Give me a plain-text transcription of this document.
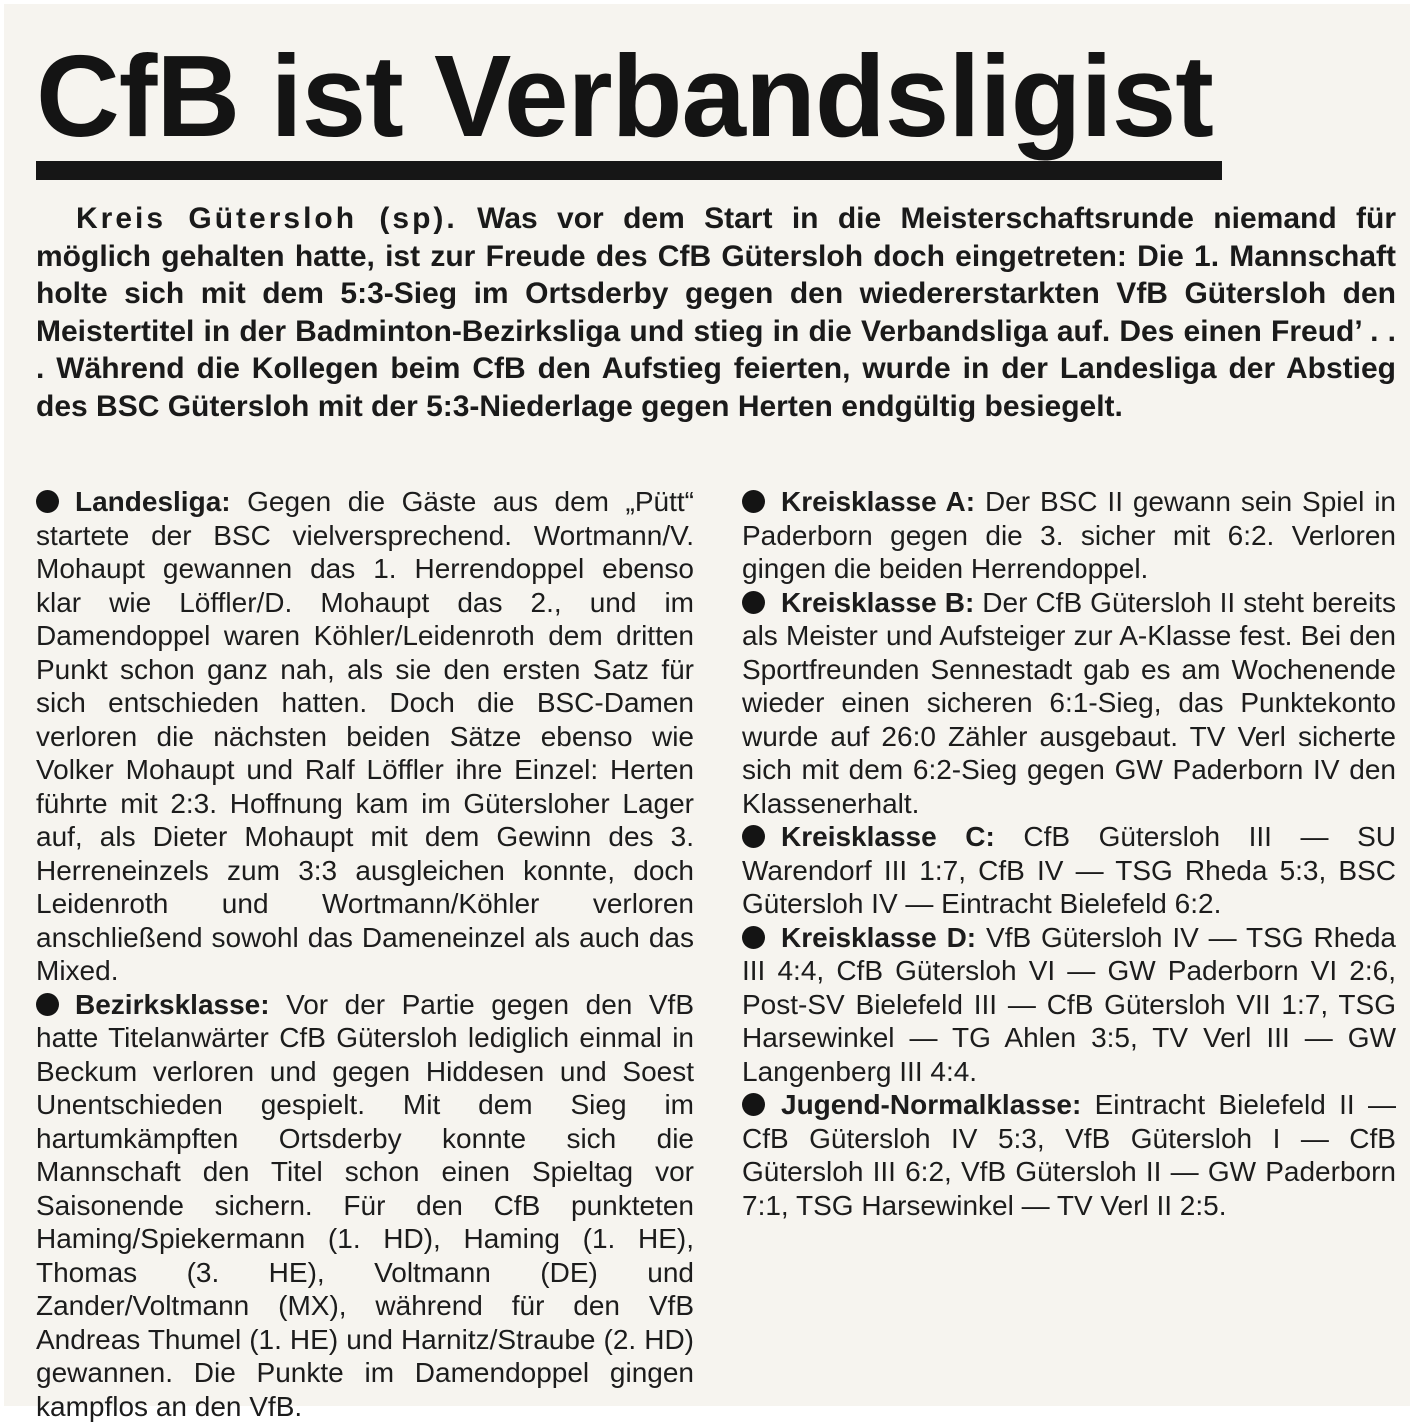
CfB ist Verbandsligist

Kreis Gütersloh (sp). Was vor dem Start in die Meisterschaftsrunde niemand für möglich gehalten hatte, ist zur Freude des CfB Gütersloh doch eingetreten: Die 1. Mannschaft holte sich mit dem 5:3-Sieg im Ortsderby gegen den wiedererstarkten VfB Gütersloh den Meistertitel in der Badminton-Bezirksliga und stieg in die Verbandsliga auf. Des einen Freud’ . . . Während die Kollegen beim CfB den Aufstieg feierten, wurde in der Landesliga der Abstieg des BSC Gütersloh mit der 5:3-Niederlage gegen Herten endgültig besiegelt.

Landesliga: Gegen die Gäste aus dem „Pütt“ startete der BSC vielversprechend. Wortmann/V. Mohaupt gewannen das 1. Herrendoppel ebenso klar wie Löffler/D. Mohaupt das 2., und im Damendoppel waren Köhler/Leidenroth dem dritten Punkt schon ganz nah, als sie den ersten Satz für sich entschieden hatten. Doch die BSC-Damen verloren die nächsten beiden Sätze ebenso wie Volker Mohaupt und Ralf Löffler ihre Einzel: Herten führte mit 2:3. Hoffnung kam im Gütersloher Lager auf, als Dieter Mohaupt mit dem Gewinn des 3. Herreneinzels zum 3:3 ausgleichen konnte, doch Leidenroth und Wortmann/Köhler verloren anschließend sowohl das Dameneinzel als auch das Mixed.

Bezirksklasse: Vor der Partie gegen den VfB hatte Titelanwärter CfB Gütersloh lediglich einmal in Beckum verloren und gegen Hiddesen und Soest Unentschieden gespielt. Mit dem Sieg im hartumkämpften Ortsderby konnte sich die Mannschaft den Titel schon einen Spieltag vor Saisonende sichern. Für den CfB punkteten Haming/Spiekermann (1. HD), Haming (1. HE), Thomas (3. HE), Voltmann (DE) und Zander/Voltmann (MX), während für den VfB Andreas Thumel (1. HE) und Harnitz/Straube (2. HD) gewannen. Die Punkte im Damendoppel gingen kampflos an den VfB.

Kreisklasse A: Der BSC II gewann sein Spiel in Paderborn gegen die 3. sicher mit 6:2. Verloren gingen die beiden Herrendoppel.

Kreisklasse B: Der CfB Gütersloh II steht bereits als Meister und Aufsteiger zur A-Klasse fest. Bei den Sportfreunden Sennestadt gab es am Wochenende wieder einen sicheren 6:1-Sieg, das Punktekonto wurde auf 26:0 Zähler ausgebaut. TV Verl sicherte sich mit dem 6:2-Sieg gegen GW Paderborn IV den Klassenerhalt.

Kreisklasse C: CfB Gütersloh III — SU Warendorf III 1:7, CfB IV — TSG Rheda 5:3, BSC Gütersloh IV — Eintracht Bielefeld 6:2.

Kreisklasse D: VfB Gütersloh IV — TSG Rheda III 4:4, CfB Gütersloh VI — GW Paderborn VI 2:6, Post-SV Bielefeld III — CfB Gütersloh VII 1:7, TSG Harsewinkel — TG Ahlen 3:5, TV Verl III — GW Langenberg III 4:4.

Jugend-Normalklasse: Eintracht Bielefeld II — CfB Gütersloh IV 5:3, VfB Gütersloh I — CfB Gütersloh III 6:2, VfB Gütersloh II — GW Paderborn 7:1, TSG Harsewinkel — TV Verl II 2:5.
